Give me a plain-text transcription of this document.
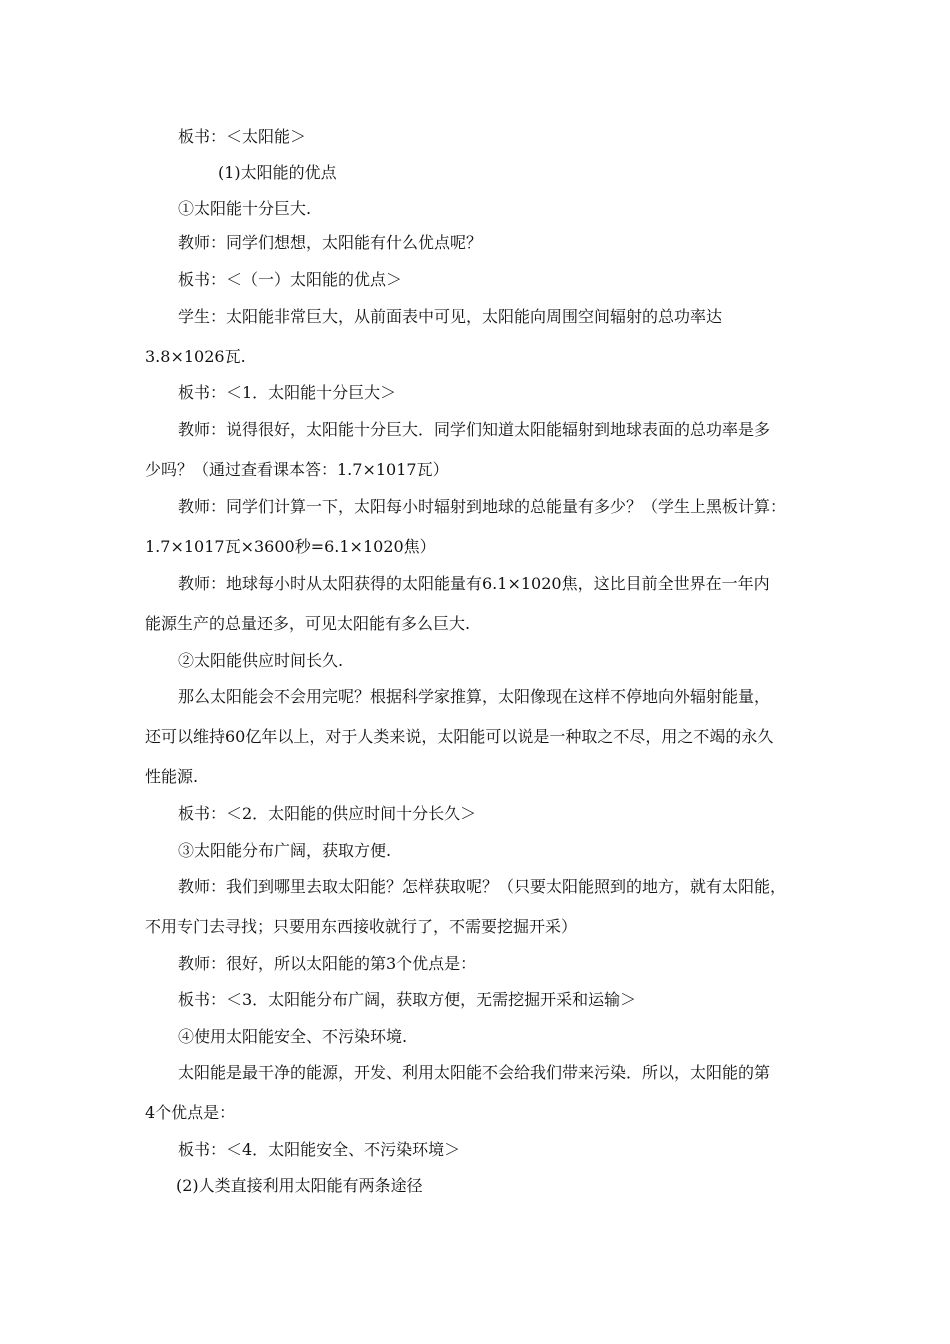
板书：＜太阳能＞
(1)太阳能的优点
①太阳能十分巨大.
教师：同学们想想，太阳能有什么优点呢？
板书：＜（一）太阳能的优点＞
学生：太阳能非常巨大，从前面表中可见，太阳能向周围空间辐射的总功率达
3.8×1026瓦.
板书：＜1．太阳能十分巨大＞
教师：说得很好，太阳能十分巨大．同学们知道太阳能辐射到地球表面的总功率是多
少吗？（通过查看课本答：1.7×1017瓦）
教师：同学们计算一下，太阳每小时辐射到地球的总能量有多少？（学生上黑板计算：
1.7×1017瓦×3600秒=6.1×1020焦）
教师：地球每小时从太阳获得的太阳能量有6.1×1020焦，这比目前全世界在一年内
能源生产的总量还多，可见太阳能有多么巨大.
②太阳能供应时间长久.
那么太阳能会不会用完呢？根据科学家推算，太阳像现在这样不停地向外辐射能量，
还可以维持60亿年以上，对于人类来说，太阳能可以说是一种取之不尽，用之不竭的永久
性能源.
板书：＜2．太阳能的供应时间十分长久＞
③太阳能分布广阔，获取方便.
教师：我们到哪里去取太阳能？怎样获取呢？（只要太阳能照到的地方，就有太阳能，
不用专门去寻找；只要用东西接收就行了，不需要挖掘开采）
教师：很好，所以太阳能的第3个优点是：
板书：＜3．太阳能分布广阔，获取方便，无需挖掘开采和运输＞
④使用太阳能安全、不污染环境.
太阳能是最干净的能源，开发、利用太阳能不会给我们带来污染．所以，太阳能的第
4个优点是：
板书：＜4．太阳能安全、不污染环境＞
(2)人类直接利用太阳能有两条途径
